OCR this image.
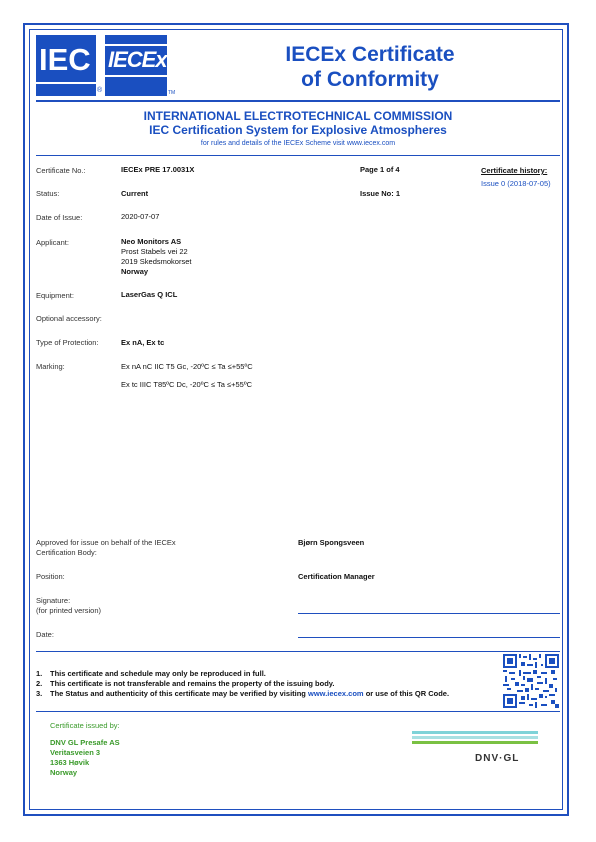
IEC
®
IECEx
TM
IECEx Certificate
of Conformity
INTERNATIONAL ELECTROTECHNICAL COMMISSION
IEC Certification System for Explosive Atmospheres
for rules and details of the IECEx Scheme visit www.iecex.com
Certificate No.:	IECEx PRE 17.0031X	Page 1 of 4	Certificate history:
Issue 0 (2018-07-05)
Status:	Current	Issue No: 1
Date of Issue:	2020-07-07
Applicant:	Neo Monitors AS
Prost Stabels vei 22
2019 Skedsmokorset
Norway
Equipment:	LaserGas Q ICL
Optional accessory:
Type of Protection:	Ex nA, Ex tc
Marking:	Ex nA nC IIC T5 Gc, -20ºC ≤ Ta ≤+55ºC
Ex tc IIIC T85ºC Dc, -20ºC ≤ Ta ≤+55ºC
Approved for issue on behalf of the IECEx
Certification Body:
Bjørn Spongsveen
Position:	Certification Manager
Signature:
(for printed version)
Date:
1. This certificate and schedule may only be reproduced in full.
2. This certificate is not transferable and remains the property of the issuing body.
3. The Status and authenticity of this certificate may be verified by visiting www.iecex.com or use of this QR Code.
Certificate issued by:
DNV GL Presafe AS
Veritasveien 3
1363 Høvik
Norway
DNV·GL
